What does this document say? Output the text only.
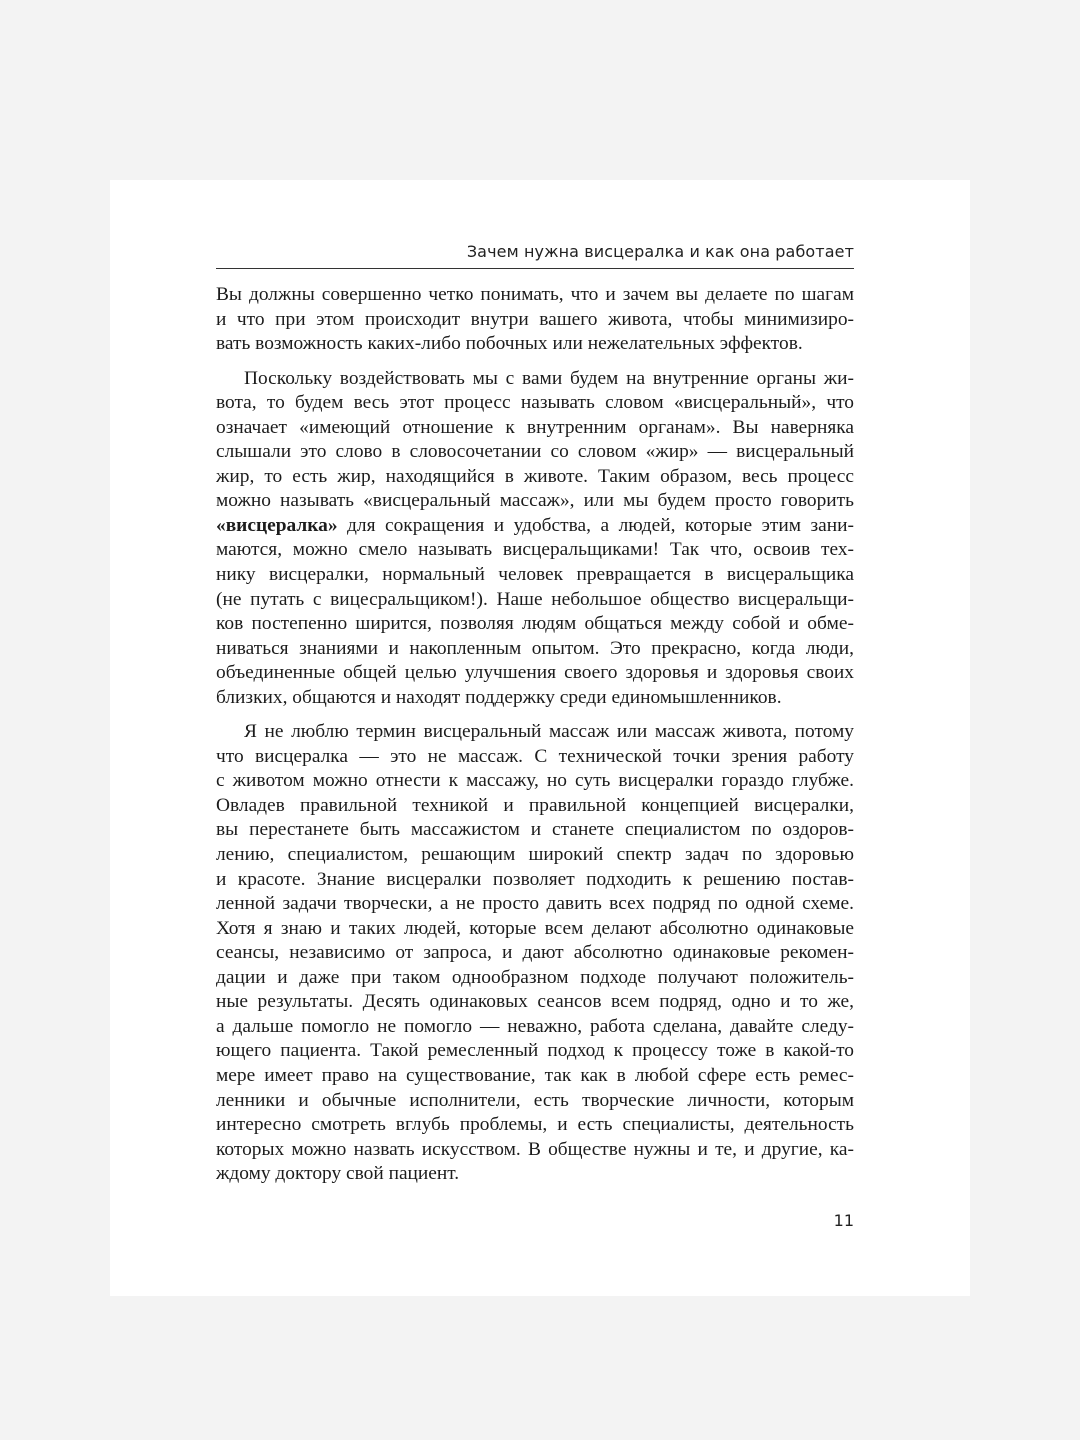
Зачем нужна висцералка и как она работает
Вы должны совершенно четко понимать, что и зачем вы делаете по шагам
и что при этом происходит внутри вашего живота, чтобы минимизиро-
вать возможность каких-либо побочных или нежелательных эффектов.
Поскольку воздействовать мы с вами будем на внутренние органы жи-
вота, то будем весь этот процесс называть словом «висцеральный», что
означает «имеющий отношение к внутренним органам». Вы наверняка
слышали это слово в словосочетании со словом «жир» — висцеральный
жир, то есть жир, находящийся в животе. Таким образом, весь процесс
можно называть «висцеральный массаж», или мы будем просто говорить
«висцералка» для сокращения и удобства, а людей, которые этим зани-
маются, можно смело называть висцеральщиками! Так что, освоив тех-
нику висцералки, нормальный человек превращается в висцеральщика
(не путать с вицесральщиком!). Наше небольшое общество висцеральщи-
ков постепенно ширится, позволяя людям общаться между собой и обме-
ниваться знаниями и накопленным опытом. Это прекрасно, когда люди,
объединенные общей целью улучшения своего здоровья и здоровья своих
близких, общаются и находят поддержку среди единомышленников.
Я не люблю термин висцеральный массаж или массаж живота, потому
что висцералка — это не массаж. С технической точки зрения работу
с животом можно отнести к массажу, но суть висцералки гораздо глубже.
Овладев правильной техникой и правильной концепцией висцералки,
вы перестанете быть массажистом и станете специалистом по оздоров-
лению, специалистом, решающим широкий спектр задач по здоровью
и красоте. Знание висцералки позволяет подходить к решению постав-
ленной задачи творчески, а не просто давить всех подряд по одной схеме.
Хотя я знаю и таких людей, которые всем делают абсолютно одинаковые
сеансы, независимо от запроса, и дают абсолютно одинаковые рекомен-
дации и даже при таком однообразном подходе получают положитель-
ные результаты. Десять одинаковых сеансов всем подряд, одно и то же,
а дальше помогло не помогло — неважно, работа сделана, давайте следу-
ющего пациента. Такой ремесленный подход к процессу тоже в какой-то
мере имеет право на существование, так как в любой сфере есть ремес-
ленники и обычные исполнители, есть творческие личности, которым
интересно смотреть вглубь проблемы, и есть специалисты, деятельность
которых можно назвать искусством. В обществе нужны и те, и другие, ка-
ждому доктору свой пациент.
11
